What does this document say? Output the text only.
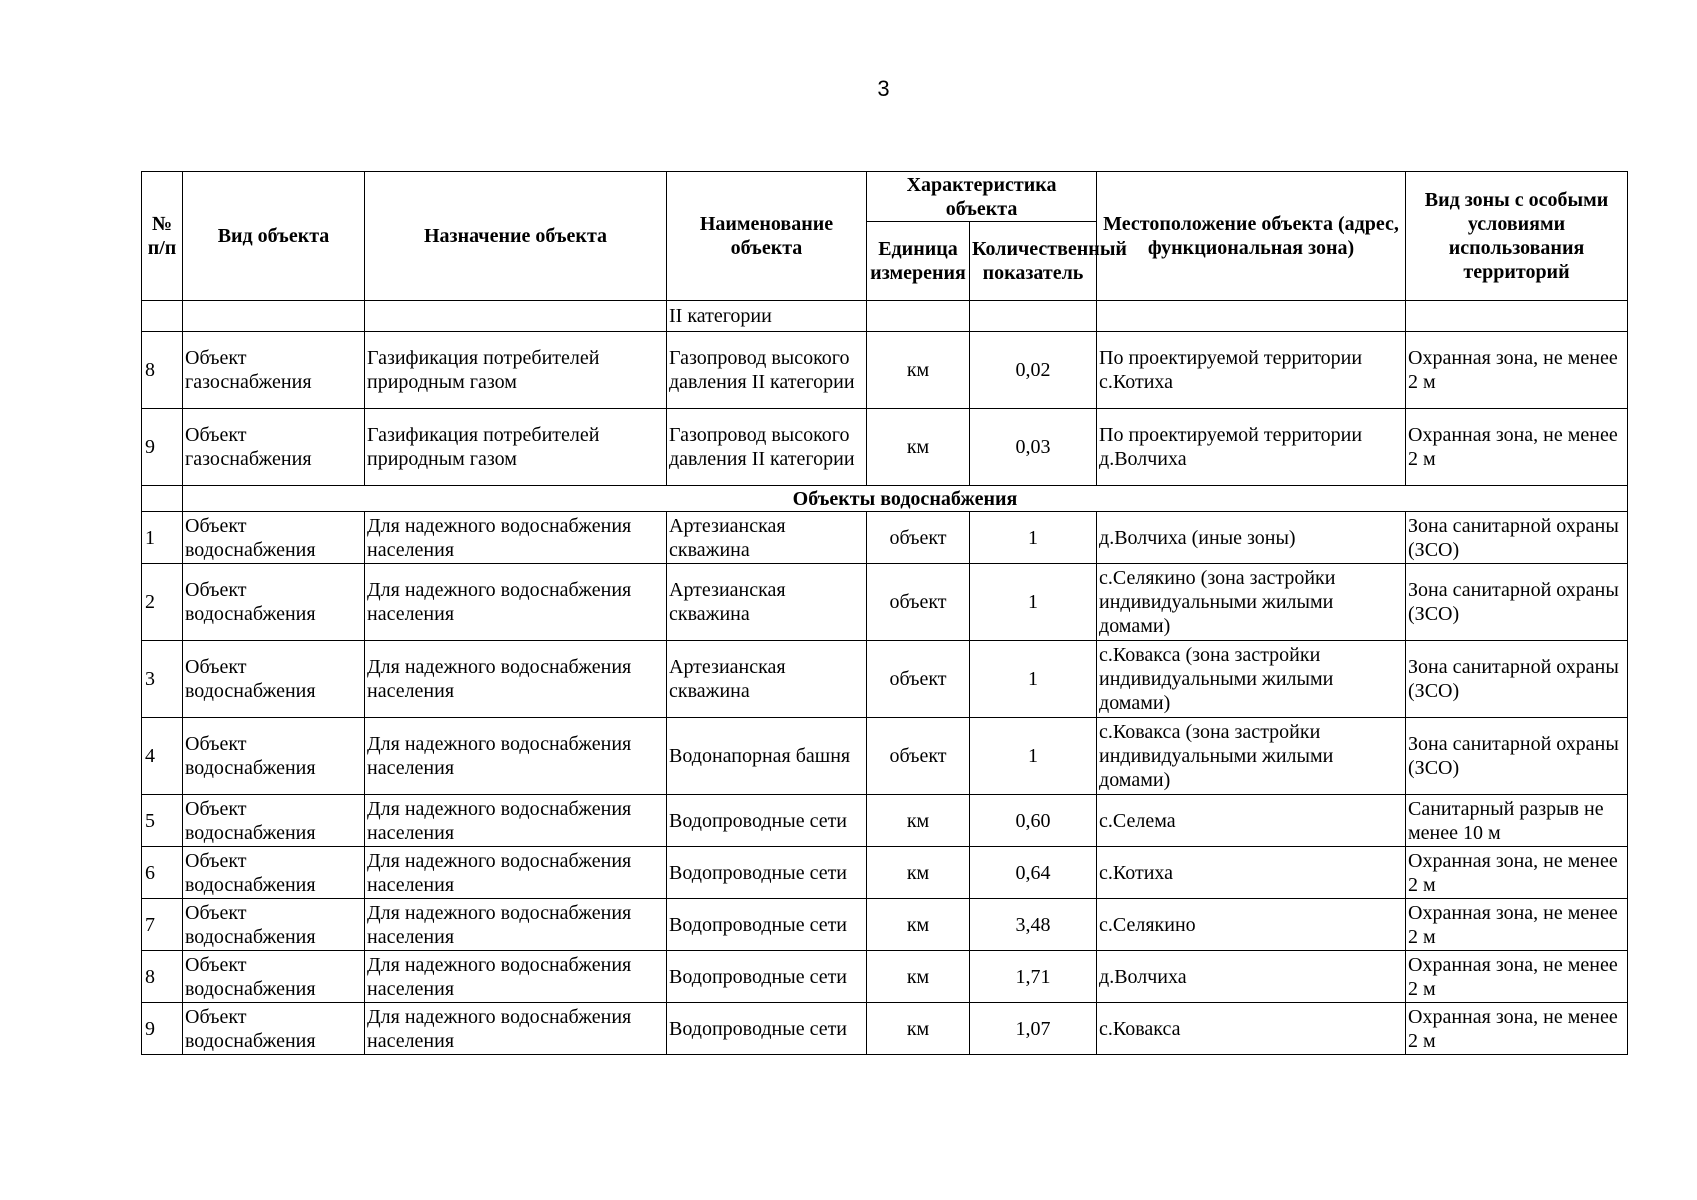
3
№ п/п	Вид объекта	Назначение объекта	Наименование объекта	Характеристика объекта		Местоположение объекта (адрес, функциональная зона)	Вид зоны с особыми условиями использования территорий
				Единица измерения	Количественный показатель		
			II категории				
8	Объект газоснабжения	Газификация потребителей природным газом	Газопровод высокого давления II категории	км	0,02	По проектируемой территории с.Котиха	Охранная зона, не менее 2 м
9	Объект газоснабжения	Газификация потребителей природным газом	Газопровод высокого давления II категории	км	0,03	По проектируемой территории д.Волчиха	Охранная зона, не менее 2 м
	Объекты водоснабжения						
1	Объект водоснабжения	Для надежного водоснабжения населения	Артезианская скважина	объект	1	д.Волчиха (иные зоны)	Зона санитарной охраны (ЗСО)
2	Объект водоснабжения	Для надежного водоснабжения населения	Артезианская скважина	объект	1	с.Селякино (зона застройки индивидуальными жилыми домами)	Зона санитарной охраны (ЗСО)
3	Объект водоснабжения	Для надежного водоснабжения населения	Артезианская скважина	объект	1	с.Ковакса (зона застройки индивидуальными жилыми домами)	Зона санитарной охраны (ЗСО)
4	Объект водоснабжения	Для надежного водоснабжения населения	Водонапорная башня	объект	1	с.Ковакса (зона застройки индивидуальными жилыми домами)	Зона санитарной охраны (ЗСО)
5	Объект водоснабжения	Для надежного водоснабжения населения	Водопроводные сети	км	0,60	с.Селема	Санитарный разрыв не менее 10 м
6	Объект водоснабжения	Для надежного водоснабжения населения	Водопроводные сети	км	0,64	с.Котиха	Охранная зона, не менее 2 м
7	Объект водоснабжения	Для надежного водоснабжения населения	Водопроводные сети	км	3,48	с.Селякино	Охранная зона, не менее 2 м
8	Объект водоснабжения	Для надежного водоснабжения населения	Водопроводные сети	км	1,71	д.Волчиха	Охранная зона, не менее 2 м
9	Объект водоснабжения	Для надежного водоснабжения населения	Водопроводные сети	км	1,07	с.Ковакса	Охранная зона, не менее 2 м
